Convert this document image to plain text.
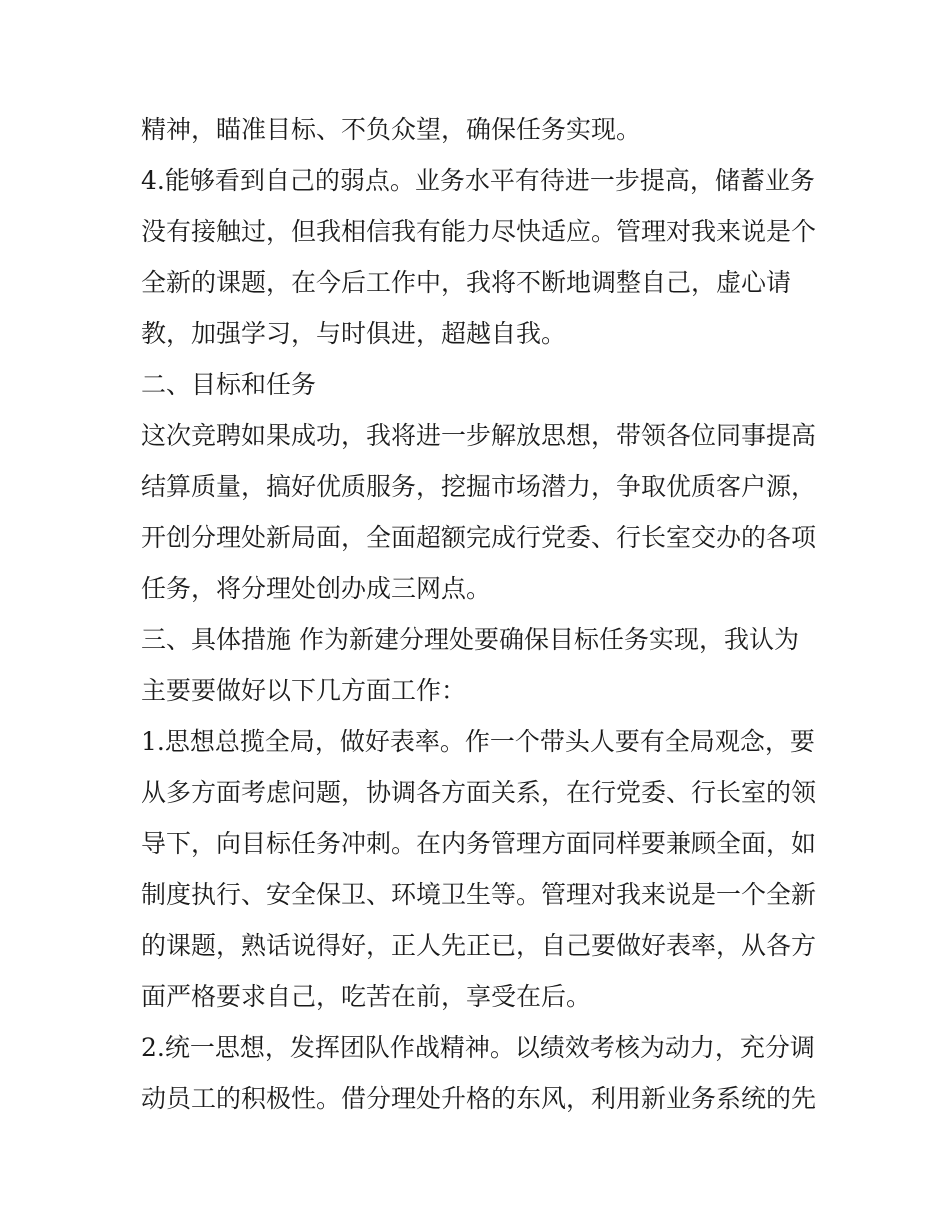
精神，瞄准目标、不负众望，确保任务实现。
4.能够看到自己的弱点。业务水平有待进一步提高，储蓄业务
没有接触过，但我相信我有能力尽快适应。管理对我来说是个
全新的课题，在今后工作中，我将不断地调整自己，虚心请
教，加强学习，与时俱进，超越自我。
二、目标和任务
这次竞聘如果成功，我将进一步解放思想，带领各位同事提高
结算质量，搞好优质服务，挖掘市场潜力，争取优质客户源，
开创分理处新局面，全面超额完成行党委、行长室交办的各项
任务，将分理处创办成三网点。
三、具体措施 作为新建分理处要确保目标任务实现，我认为
主要要做好以下几方面工作：
1.思想总揽全局，做好表率。作一个带头人要有全局观念，要
从多方面考虑问题，协调各方面关系，在行党委、行长室的领
导下，向目标任务冲刺。在内务管理方面同样要兼顾全面，如
制度执行、安全保卫、环境卫生等。管理对我来说是一个全新
的课题，熟话说得好，正人先正已，自己要做好表率，从各方
面严格要求自己，吃苦在前，享受在后。
2.统一思想，发挥团队作战精神。以绩效考核为动力，充分调
动员工的积极性。借分理处升格的东风，利用新业务系统的先
